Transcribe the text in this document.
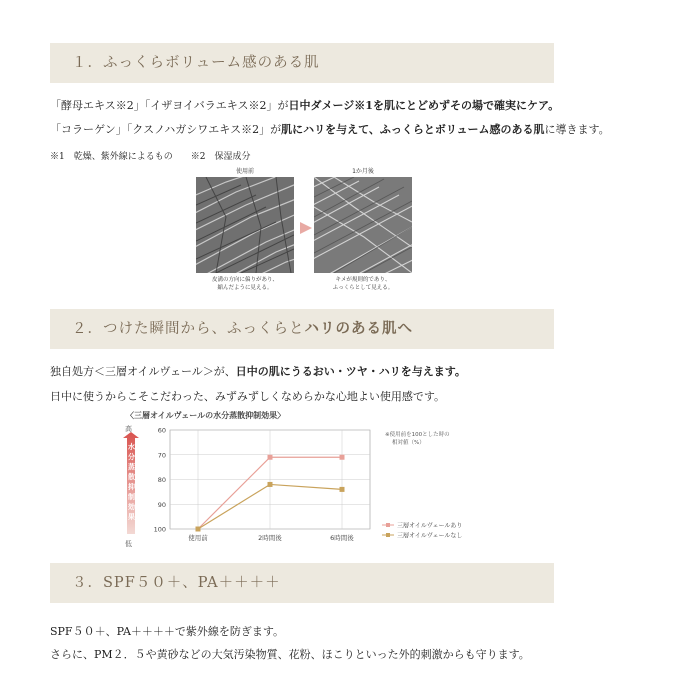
１．ふっくらボリューム感のある肌
「酵母エキス※2」「イザヨイバラエキス※2」が日中ダメージ※1を肌にとどめずその場で確実にケア。
「コラーゲン」「クスノハガシワエキス※2」が肌にハリを与えて、ふっくらとボリューム感のある肌に導きます。
※1　乾燥、紫外線によるもの　　※2　保湿成分
使用前
皮溝の方向に偏りがあり、
縮んだように見える。
1か月後
キメが規則的であり、
ふっくらとして見える。
２．つけた瞬間から、ふっくらとハリのある肌へ
独自処方＜三層オイルヴェール＞が、日中の肌にうるおい・ツヤ・ハリを与えます。
日中に使うからこそこだわった、みずみずしくなめらかな心地よい使用感です。
〈三層オイルヴェールの水分蒸散抑制効果〉
高
低
水
分
蒸
散
抑
制
効
果
60
70
80
90
100
使用前	2時間後	6時間後
※使用前を100とした時の
相対値（%）
三層オイルヴェールあり
三層オイルヴェールなし
３．SPF５０＋、PA＋＋＋＋
SPF５０＋、PA＋＋＋＋で紫外線を防ぎます。
さらに、PM２．５や黄砂などの大気汚染物質、花粉、ほこりといった外的刺激からも守ります。
